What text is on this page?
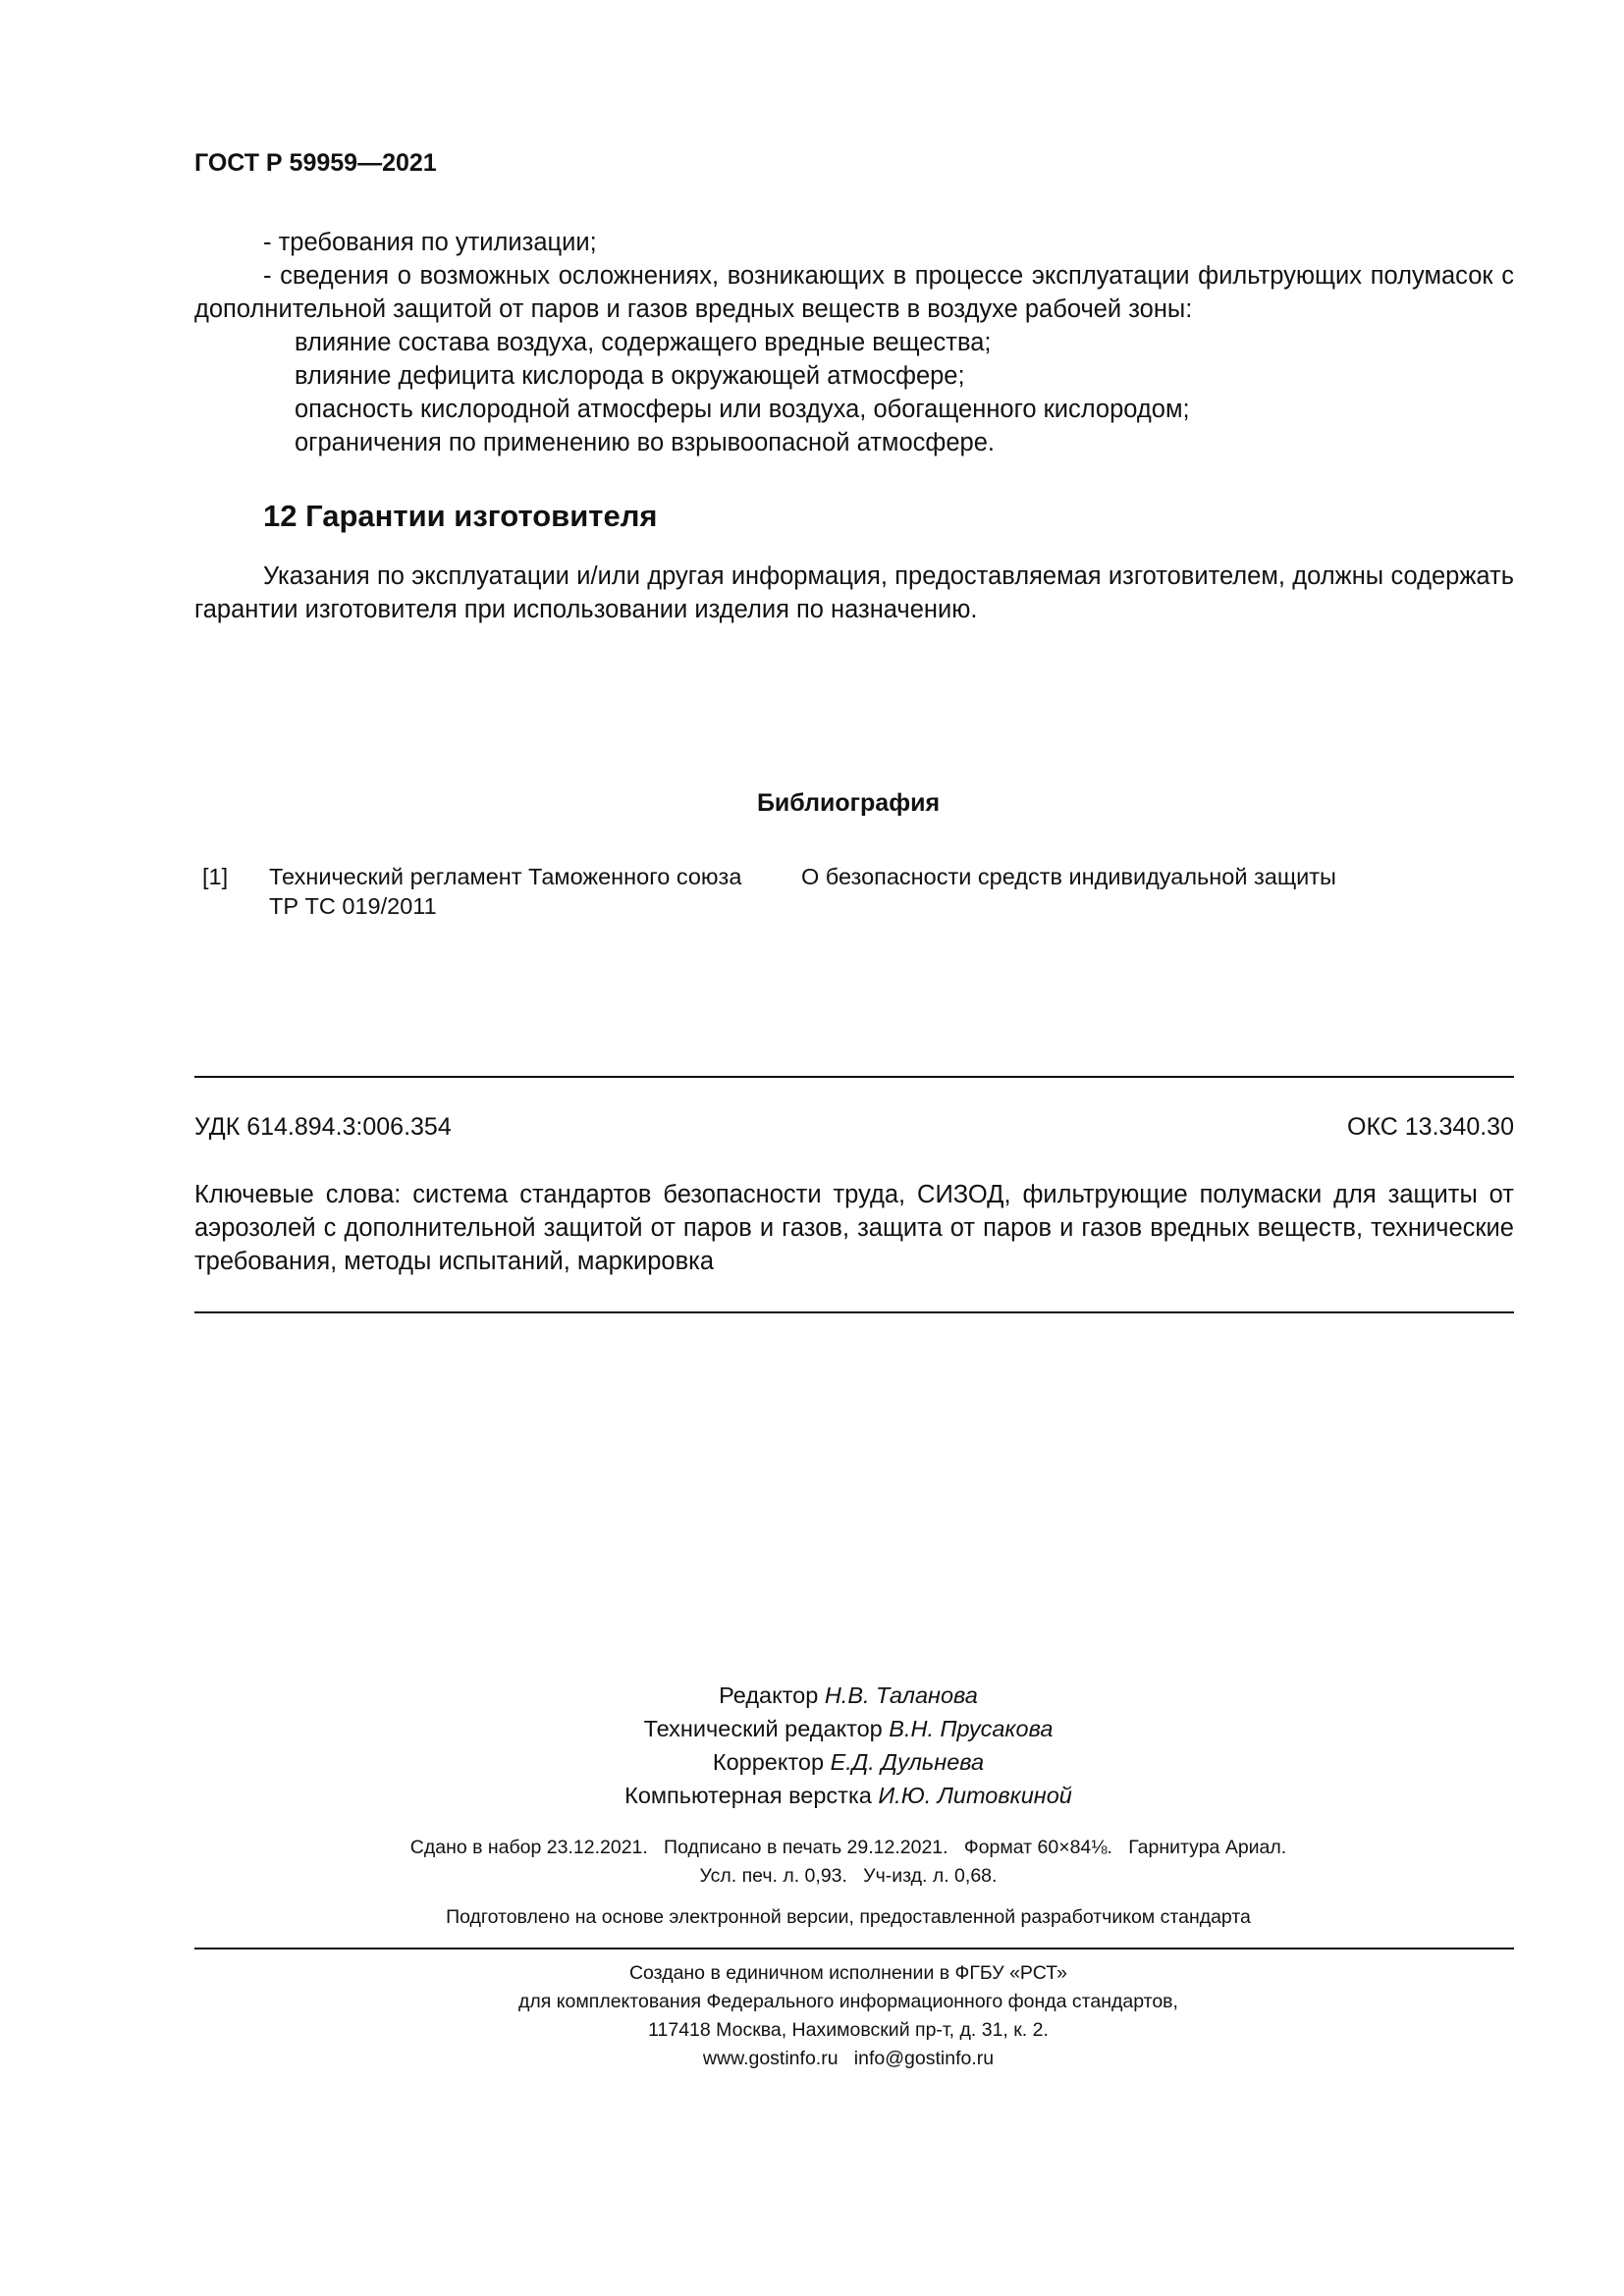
ГОСТ Р 59959—2021

- требования по утилизации;

- сведения о возможных осложнениях, возникающих в процессе эксплуатации фильтрующих полумасок с дополнительной защитой от паров и газов вредных веществ в воздухе рабочей зоны:

влияние состава воздуха, содержащего вредные вещества;

влияние дефицита кислорода в окружающей атмосфере;

опасность кислородной атмосферы или воздуха, обогащенного кислородом;

ограничения по применению во взрывоопасной атмосфере.

12 Гарантии изготовителя

Указания по эксплуатации и/или другая информация, предоставляемая изготовителем, должны содержать гарантии изготовителя при использовании изделия по назначению.

Библиография
[1] Технический регламент Таможенного союза
ТР ТС 019/2011
О безопасности средств индивидуальной защиты
УДК 614.894.3:006.354	ОКС 13.340.30

Ключевые слова: система стандартов безопасности труда, СИЗОД, фильтрующие полумаски для защиты от аэрозолей с дополнительной защитой от паров и газов, защита от паров и газов вредных веществ, технические требования, методы испытаний, маркировка

Редактор Н.В. Таланова
Технический редактор В.Н. Прусакова
Корректор Е.Д. Дульнева
Компьютерная верстка И.Ю. Литовкиной
Сдано в набор 23.12.2021.   Подписано в печать 29.12.2021.   Формат 60×84⅛.   Гарнитура Ариал.
Усл. печ. л. 0,93.   Уч-изд. л. 0,68.
Подготовлено на основе электронной версии, предоставленной разработчиком стандарта
Создано в единичном исполнении в ФГБУ «РСТ»
для комплектования Федерального информационного фонда стандартов,
117418 Москва, Нахимовский пр-т, д. 31, к. 2.
www.gostinfo.ru   info@gostinfo.ru
